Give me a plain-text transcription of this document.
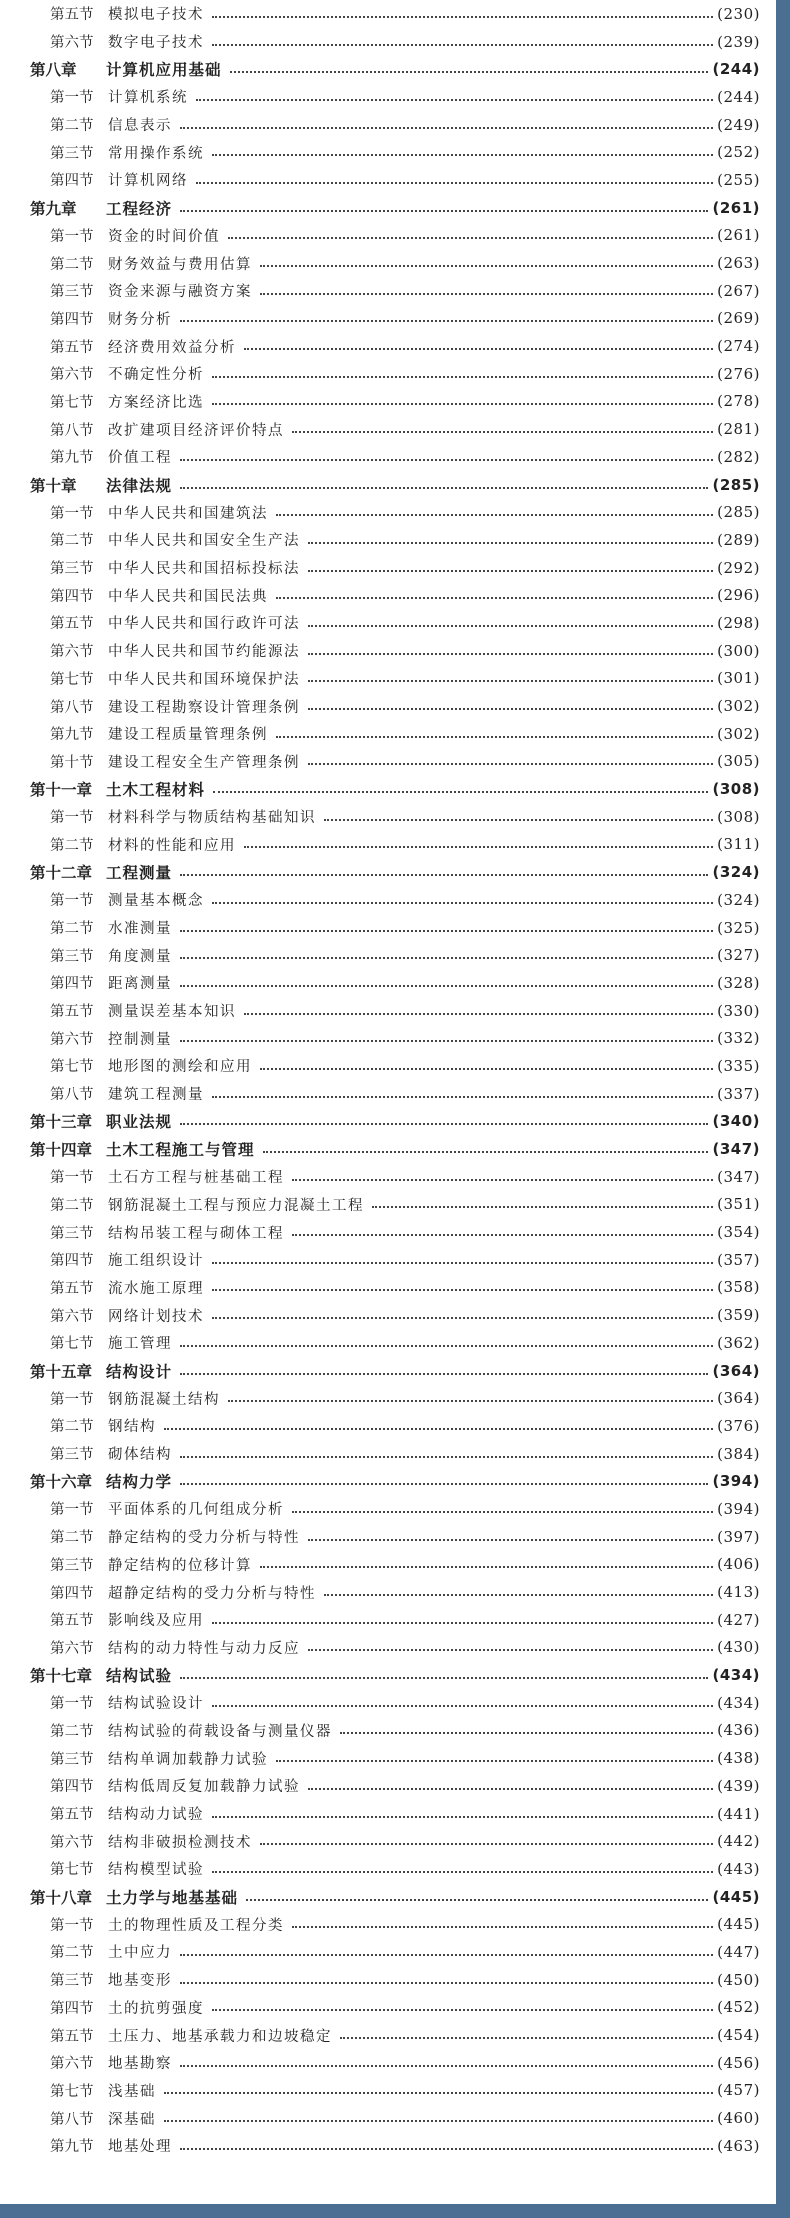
第五节	模拟电子技术	(230)
第六节	数字电子技术	(239)
第八章	计算机应用基础	(244)
第一节	计算机系统	(244)
第二节	信息表示	(249)
第三节	常用操作系统	(252)
第四节	计算机网络	(255)
第九章	工程经济	(261)
第一节	资金的时间价值	(261)
第二节	财务效益与费用估算	(263)
第三节	资金来源与融资方案	(267)
第四节	财务分析	(269)
第五节	经济费用效益分析	(274)
第六节	不确定性分析	(276)
第七节	方案经济比选	(278)
第八节	改扩建项目经济评价特点	(281)
第九节	价值工程	(282)
第十章	法律法规	(285)
第一节	中华人民共和国建筑法	(285)
第二节	中华人民共和国安全生产法	(289)
第三节	中华人民共和国招标投标法	(292)
第四节	中华人民共和国民法典	(296)
第五节	中华人民共和国行政许可法	(298)
第六节	中华人民共和国节约能源法	(300)
第七节	中华人民共和国环境保护法	(301)
第八节	建设工程勘察设计管理条例	(302)
第九节	建设工程质量管理条例	(302)
第十节	建设工程安全生产管理条例	(305)
第十一章 土木工程材料	(308)
第一节	材料科学与物质结构基础知识	(308)
第二节	材料的性能和应用	(311)
第十二章 工程测量	(324)
第一节	测量基本概念	(324)
第二节	水准测量	(325)
第三节	角度测量	(327)
第四节	距离测量	(328)
第五节	测量误差基本知识	(330)
第六节	控制测量	(332)
第七节	地形图的测绘和应用	(335)
第八节	建筑工程测量	(337)
第十三章 职业法规	(340)
第十四章 土木工程施工与管理	(347)
第一节	土石方工程与桩基础工程	(347)
第二节	钢筋混凝土工程与预应力混凝土工程	(351)
第三节	结构吊装工程与砌体工程	(354)
第四节	施工组织设计	(357)
第五节	流水施工原理	(358)
第六节	网络计划技术	(359)
第七节	施工管理	(362)
第十五章 结构设计	(364)
第一节	钢筋混凝土结构	(364)
第二节	钢结构	(376)
第三节	砌体结构	(384)
第十六章 结构力学	(394)
第一节	平面体系的几何组成分析	(394)
第二节	静定结构的受力分析与特性	(397)
第三节	静定结构的位移计算	(406)
第四节	超静定结构的受力分析与特性	(413)
第五节	影响线及应用	(427)
第六节	结构的动力特性与动力反应	(430)
第十七章 结构试验	(434)
第一节	结构试验设计	(434)
第二节	结构试验的荷载设备与测量仪器	(436)
第三节	结构单调加载静力试验	(438)
第四节	结构低周反复加载静力试验	(439)
第五节	结构动力试验	(441)
第六节	结构非破损检测技术	(442)
第七节	结构模型试验	(443)
第十八章 土力学与地基基础	(445)
第一节	土的物理性质及工程分类	(445)
第二节	土中应力	(447)
第三节	地基变形	(450)
第四节	土的抗剪强度	(452)
第五节	土压力、地基承载力和边坡稳定	(454)
第六节	地基勘察	(456)
第七节	浅基础	(457)
第八节	深基础	(460)
第九节	地基处理	(463)
